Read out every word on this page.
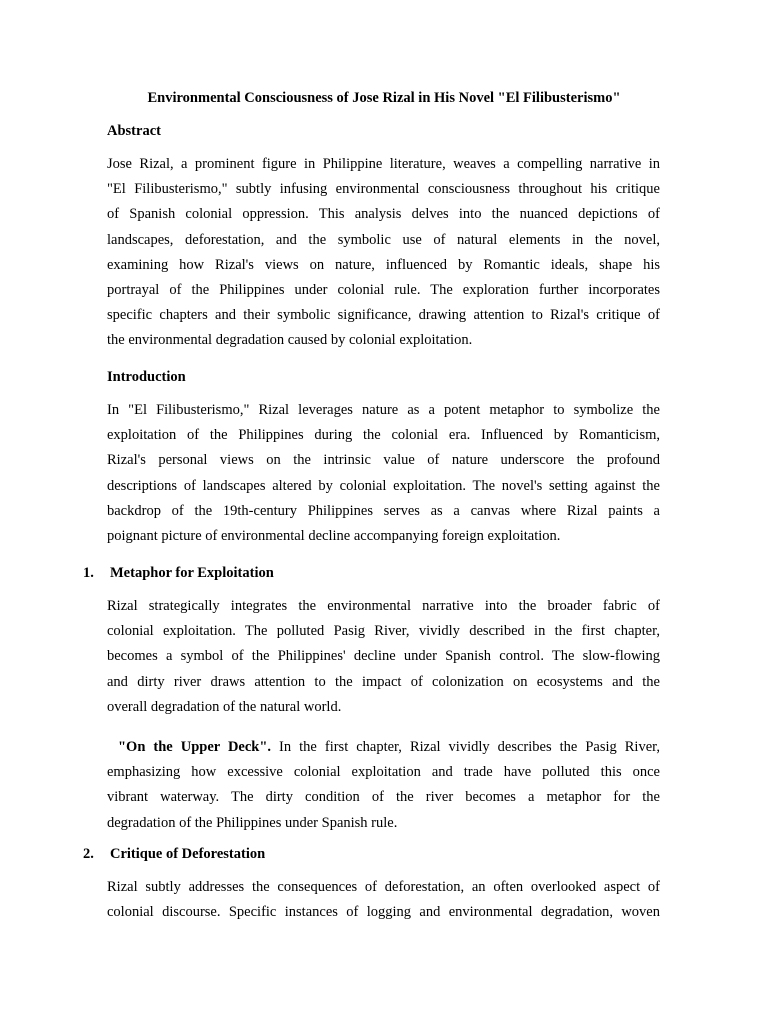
Environmental Consciousness of Jose Rizal in His Novel "El Filibusterismo"
Abstract
Jose Rizal, a prominent figure in Philippine literature, weaves a compelling narrative in
"El Filibusterismo," subtly infusing environmental consciousness throughout his critique
of Spanish colonial oppression. This analysis delves into the nuanced depictions of
landscapes, deforestation, and the symbolic use of natural elements in the novel,
examining how Rizal's views on nature, influenced by Romantic ideals, shape his
portrayal of the Philippines under colonial rule. The exploration further incorporates
specific chapters and their symbolic significance, drawing attention to Rizal's critique of
the environmental degradation caused by colonial exploitation.
Introduction
In "El Filibusterismo," Rizal leverages nature as a potent metaphor to symbolize the
exploitation of the Philippines during the colonial era. Influenced by Romanticism,
Rizal's personal views on the intrinsic value of nature underscore the profound
descriptions of landscapes altered by colonial exploitation. The novel's setting against the
backdrop of the 19th-century Philippines serves as a canvas where Rizal paints a
poignant picture of environmental decline accompanying foreign exploitation.
1. Metaphor for Exploitation
Rizal strategically integrates the environmental narrative into the broader fabric of
colonial exploitation. The polluted Pasig River, vividly described in the first chapter,
becomes a symbol of the Philippines' decline under Spanish control. The slow-flowing
and dirty river draws attention to the impact of colonization on ecosystems and the
overall degradation of the natural world.
"On the Upper Deck". In the first chapter, Rizal vividly describes the Pasig River,
emphasizing how excessive colonial exploitation and trade have polluted this once
vibrant waterway. The dirty condition of the river becomes a metaphor for the
degradation of the Philippines under Spanish rule.
2. Critique of Deforestation
Rizal subtly addresses the consequences of deforestation, an often overlooked aspect of
colonial discourse. Specific instances of logging and environmental degradation, woven
